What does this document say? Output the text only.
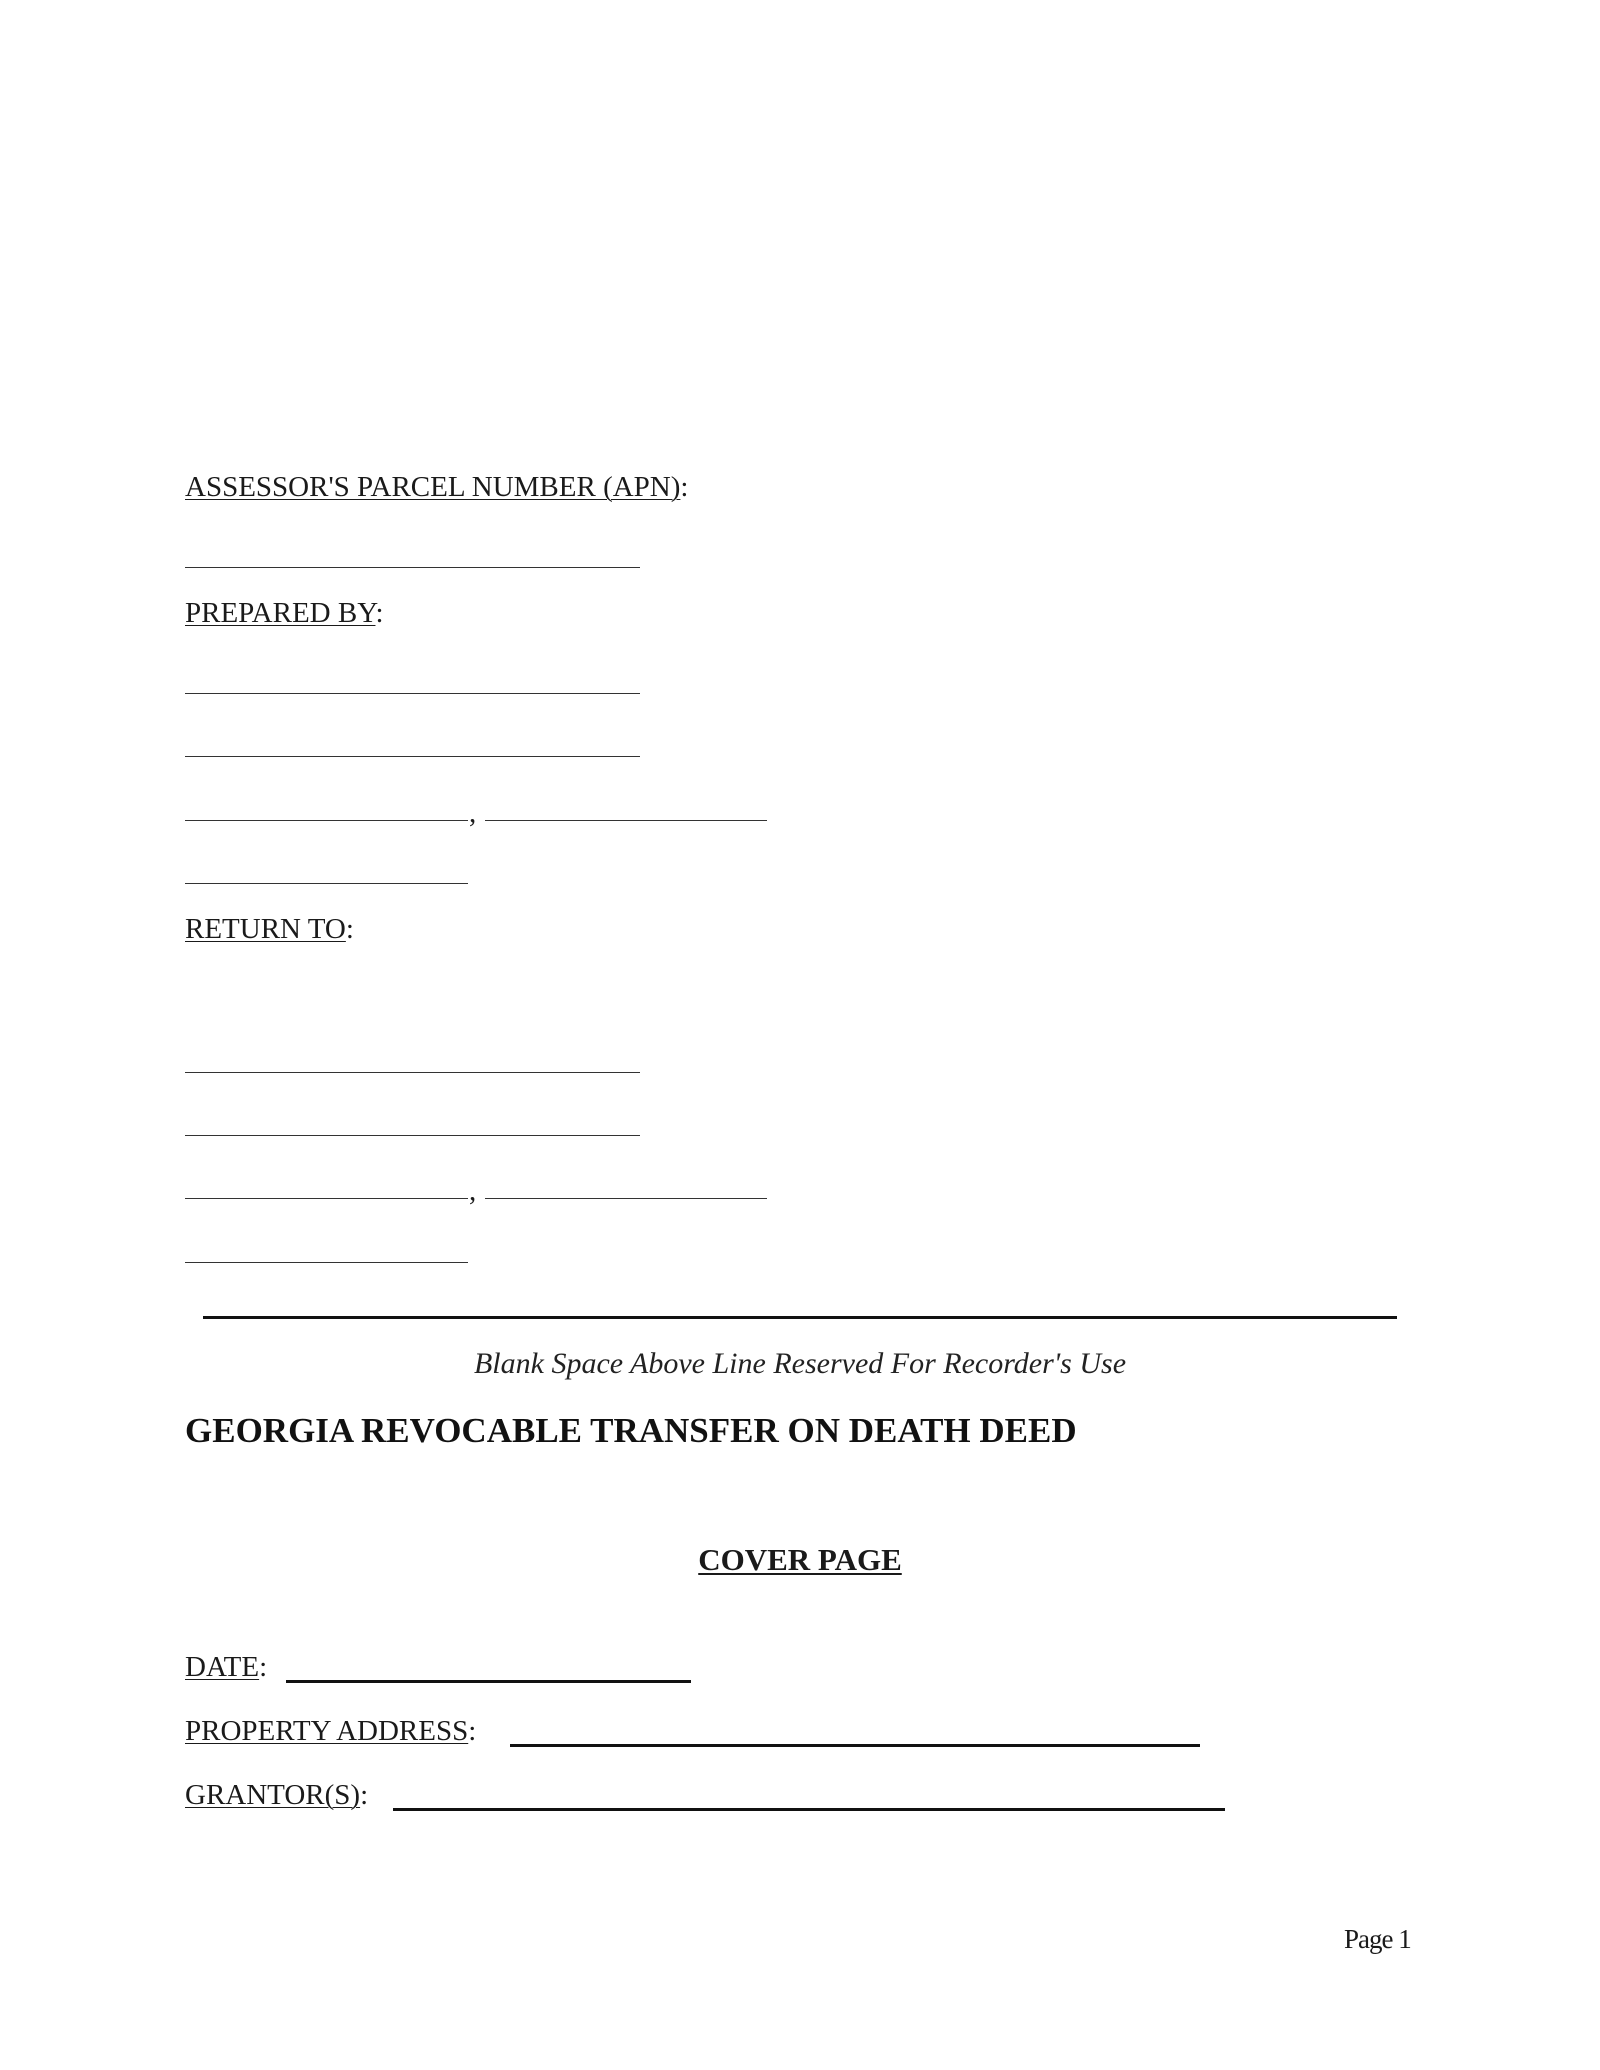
ASSESSOR'S PARCEL NUMBER (APN):
PREPARED BY:
,
RETURN TO:
,
Blank Space Above Line Reserved For Recorder's Use
GEORGIA REVOCABLE TRANSFER ON DEATH DEED
COVER PAGE
DATE:
PROPERTY ADDRESS:
GRANTOR(S):
Page 1
